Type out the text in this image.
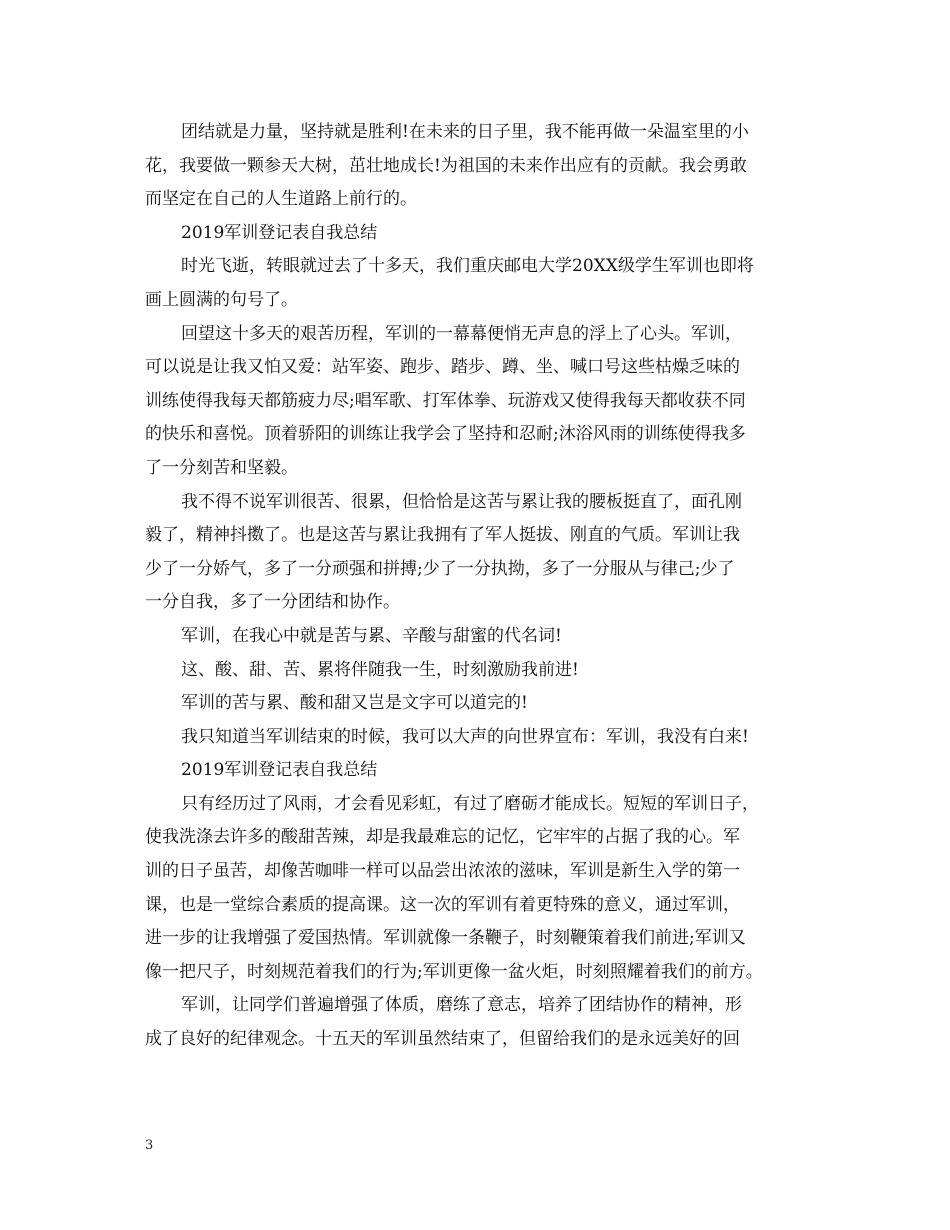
团结就是力量，坚持就是胜利!在未来的日子里，我不能再做一朵温室里的小
花，我要做一颗参天大树，茁壮地成长!为祖国的未来作出应有的贡献。我会勇敢
而坚定在自己的人生道路上前行的。
2019军训登记表自我总结
时光飞逝，转眼就过去了十多天，我们重庆邮电大学20XX级学生军训也即将
画上圆满的句号了。
回望这十多天的艰苦历程，军训的一幕幕便悄无声息的浮上了心头。军训，
可以说是让我又怕又爱：站军姿、跑步、踏步、蹲、坐、喊口号这些枯燥乏味的
训练使得我每天都筋疲力尽;唱军歌、打军体拳、玩游戏又使得我每天都收获不同
的快乐和喜悦。顶着骄阳的训练让我学会了坚持和忍耐;沐浴风雨的训练使得我多
了一分刻苦和坚毅。
我不得不说军训很苦、很累，但恰恰是这苦与累让我的腰板挺直了，面孔刚
毅了，精神抖擞了。也是这苦与累让我拥有了军人挺拔、刚直的气质。军训让我
少了一分娇气，多了一分顽强和拼搏;少了一分执拗，多了一分服从与律己;少了
一分自我，多了一分团结和协作。
军训，在我心中就是苦与累、辛酸与甜蜜的代名词!
这、酸、甜、苦、累将伴随我一生，时刻激励我前进!
军训的苦与累、酸和甜又岂是文字可以道完的!
我只知道当军训结束的时候，我可以大声的向世界宣布：军训，我没有白来!
2019军训登记表自我总结
只有经历过了风雨，才会看见彩虹，有过了磨砺才能成长。短短的军训日子，
使我洗涤去许多的酸甜苦辣，却是我最难忘的记忆，它牢牢的占据了我的心。军
训的日子虽苦，却像苦咖啡一样可以品尝出浓浓的滋味，军训是新生入学的第一
课，也是一堂综合素质的提高课。这一次的军训有着更特殊的意义，通过军训，
进一步的让我增强了爱国热情。军训就像一条鞭子，时刻鞭策着我们前进;军训又
像一把尺子，时刻规范着我们的行为;军训更像一盆火炬，时刻照耀着我们的前方。
军训，让同学们普遍增强了体质，磨练了意志，培养了团结协作的精神，形
成了良好的纪律观念。十五天的军训虽然结束了，但留给我们的是永远美好的回
3
